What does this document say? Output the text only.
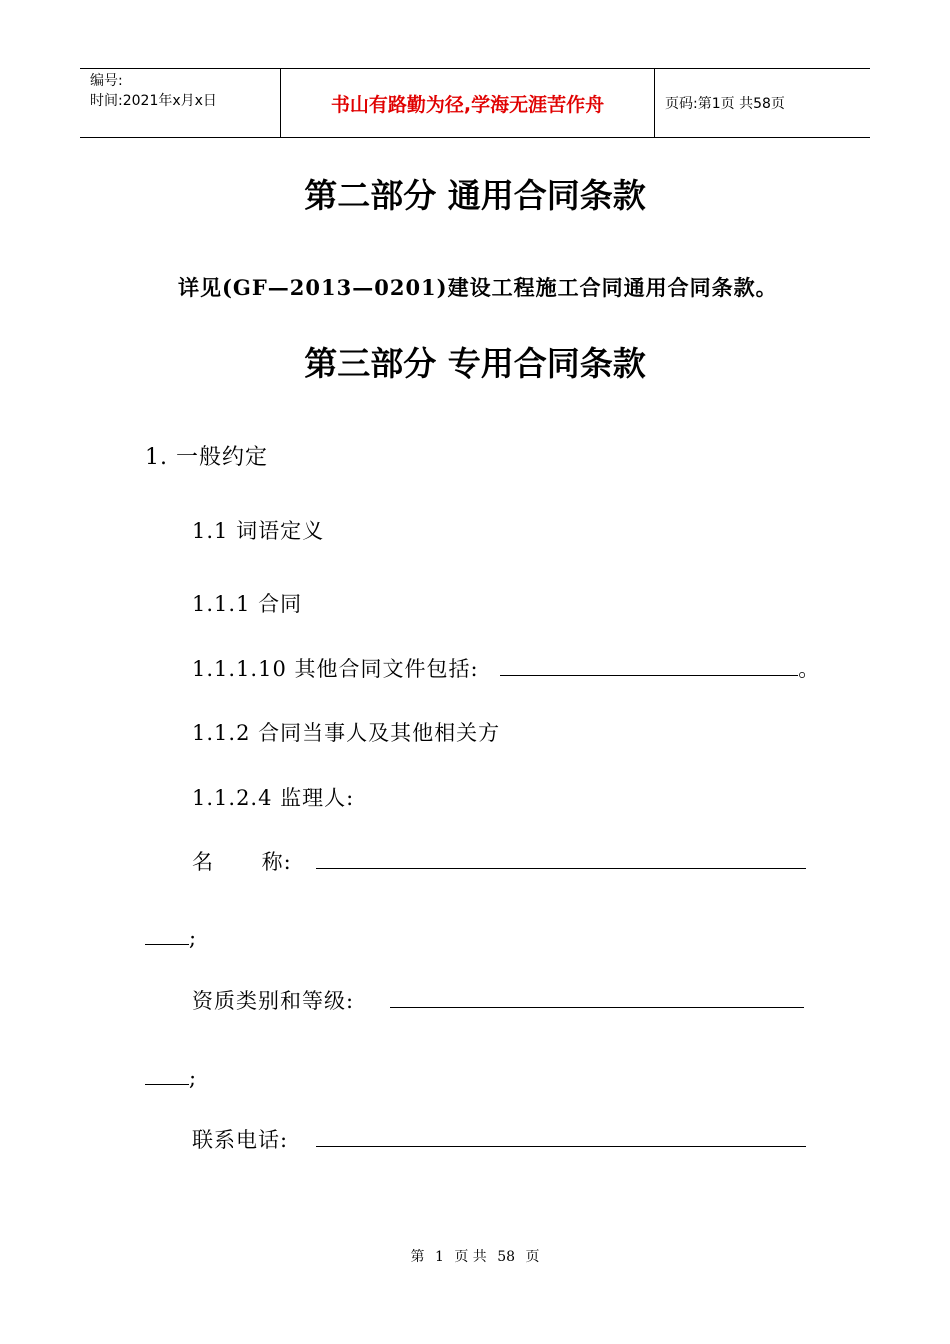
编号:
时间:2021年x月x日	书山有路勤为径,学海无涯苦作舟	页码:第1页 共58页
第二部分 通用合同条款
详见(GF—2013—0201)建设工程施工合同通用合同条款。
第三部分 专用合同条款
1. 一般约定
1.1 词语定义
1.1.1 合同
1.1.1.10 其他合同文件包括:	。
1.1.2 合同当事人及其他相关方
1.1.2.4 监理人:
名 称:
;
资质类别和等级:
;
联系电话:
第 1 页 共 58 页
